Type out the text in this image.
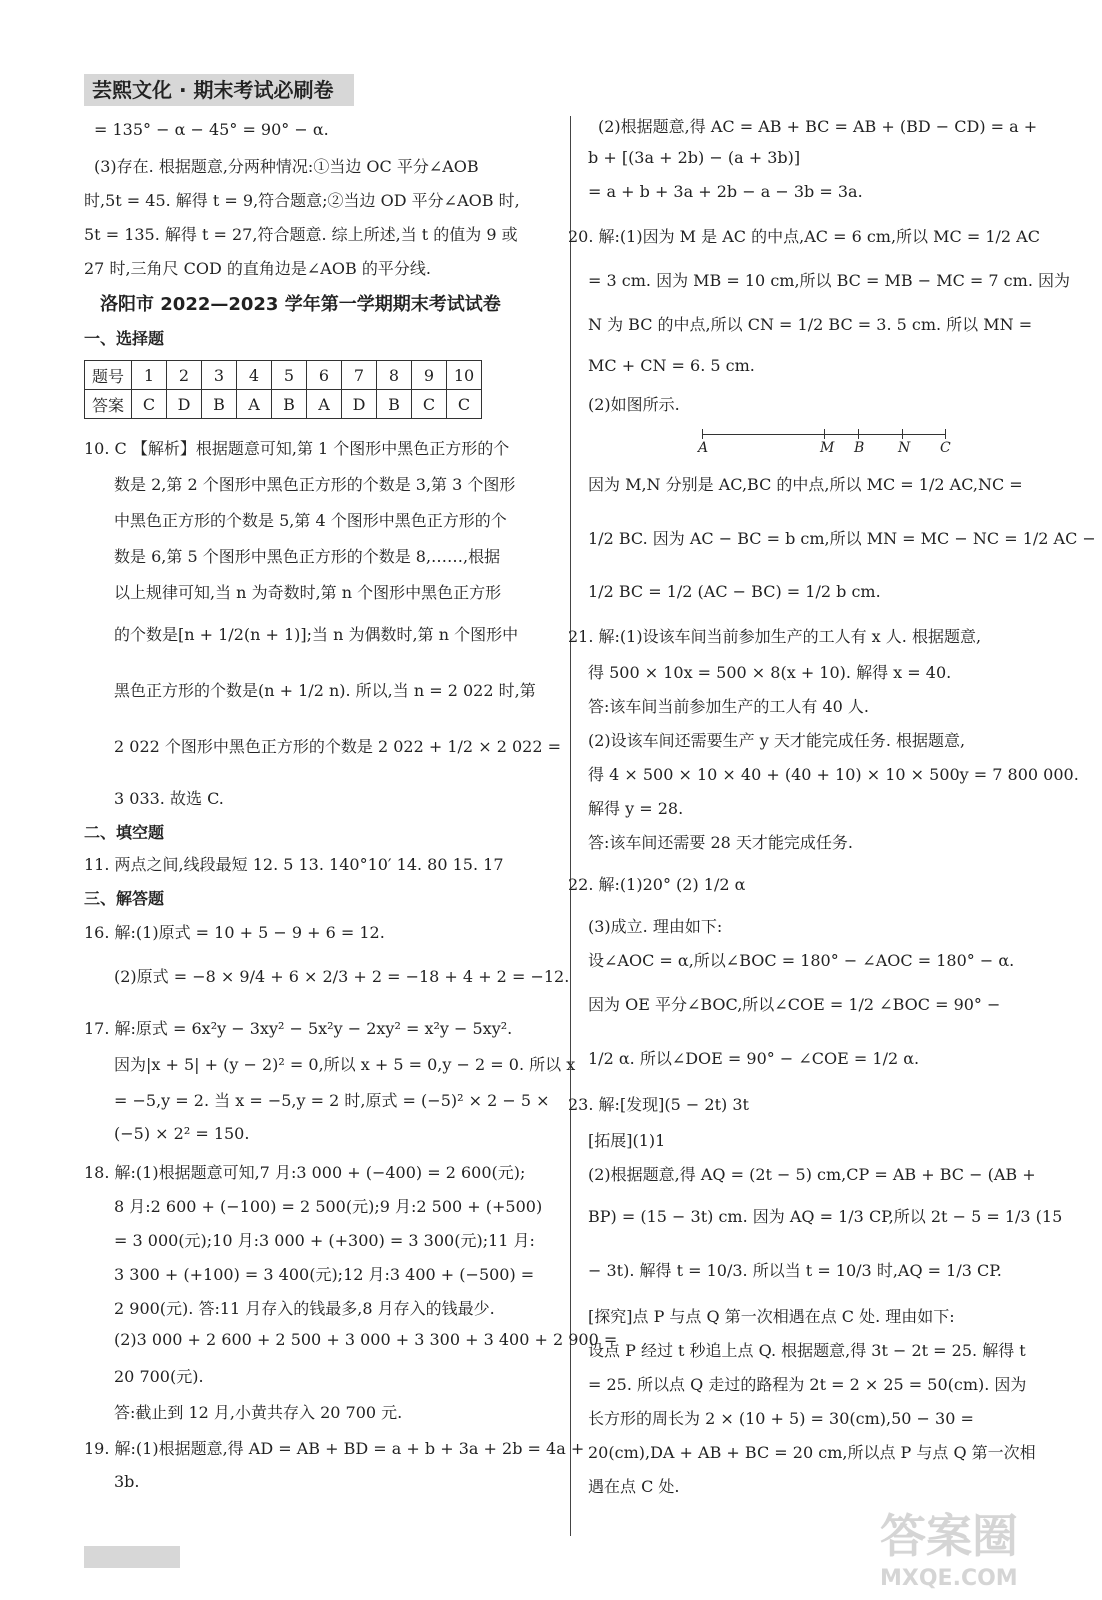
芸熙文化 · 期末考试必刷卷
= 135° − α − 45° = 90° − α.
(3)存在. 根据题意,分两种情况:①当边 OC 平分∠AOB
时,5t = 45. 解得 t = 9,符合题意;②当边 OD 平分∠AOB 时,
5t = 135. 解得 t = 27,符合题意. 综上所述,当 t 的值为 9 或
27 时,三角尺 COD 的直角边是∠AOB 的平分线.
洛阳市 2022—2023 学年第一学期期末考试试卷
一、选择题
题号	1	2	3	4	5	6	7	8	9	10
答案	C	D	B	A	B	A	D	B	C	C
10. C 【解析】根据题意可知,第 1 个图形中黑色正方形的个
数是 2,第 2 个图形中黑色正方形的个数是 3,第 3 个图形
中黑色正方形的个数是 5,第 4 个图形中黑色正方形的个
数是 6,第 5 个图形中黑色正方形的个数是 8,……,根据
以上规律可知,当 n 为奇数时,第 n 个图形中黑色正方形
的个数是[n + 1/2(n + 1)];当 n 为偶数时,第 n 个图形中
黑色正方形的个数是(n + 1/2 n). 所以,当 n = 2 022 时,第
2 022 个图形中黑色正方形的个数是 2 022 + 1/2 × 2 022 =
3 033. 故选 C.
二、填空题
11. 两点之间,线段最短 12. 5 13. 140°10′ 14. 80 15. 17
三、解答题
16. 解:(1)原式 = 10 + 5 − 9 + 6 = 12.
(2)原式 = −8 × 9/4 + 6 × 2/3 + 2 = −18 + 4 + 2 = −12.
17. 解:原式 = 6x²y − 3xy² − 5x²y − 2xy² = x²y − 5xy².
因为|x + 5| + (y − 2)² = 0,所以 x + 5 = 0,y − 2 = 0. 所以 x
= −5,y = 2. 当 x = −5,y = 2 时,原式 = (−5)² × 2 − 5 ×
(−5) × 2² = 150.
18. 解:(1)根据题意可知,7 月:3 000 + (−400) = 2 600(元);
8 月:2 600 + (−100) = 2 500(元);9 月:2 500 + (+500)
= 3 000(元);10 月:3 000 + (+300) = 3 300(元);11 月:
3 300 + (+100) = 3 400(元);12 月:3 400 + (−500) =
2 900(元). 答:11 月存入的钱最多,8 月存入的钱最少.
(2)3 000 + 2 600 + 2 500 + 3 000 + 3 300 + 3 400 + 2 900 =
20 700(元).
答:截止到 12 月,小黄共存入 20 700 元.
19. 解:(1)根据题意,得 AD = AB + BD = a + b + 3a + 2b = 4a +
3b.
(2)根据题意,得 AC = AB + BC = AB + (BD − CD) = a +
b + [(3a + 2b) − (a + 3b)]
= a + b + 3a + 2b − a − 3b = 3a.
20. 解:(1)因为 M 是 AC 的中点,AC = 6 cm,所以 MC = 1/2 AC
= 3 cm. 因为 MB = 10 cm,所以 BC = MB − MC = 7 cm. 因为
N 为 BC 的中点,所以 CN = 1/2 BC = 3. 5 cm. 所以 MN =
MC + CN = 6. 5 cm.
(2)如图所示.
A	M B N C
因为 M,N 分别是 AC,BC 的中点,所以 MC = 1/2 AC,NC =
1/2 BC. 因为 AC − BC = b cm,所以 MN = MC − NC = 1/2 AC −
1/2 BC = 1/2 (AC − BC) = 1/2 b cm.
21. 解:(1)设该车间当前参加生产的工人有 x 人. 根据题意,
得 500 × 10x = 500 × 8(x + 10). 解得 x = 40.
答:该车间当前参加生产的工人有 40 人.
(2)设该车间还需要生产 y 天才能完成任务. 根据题意,
得 4 × 500 × 10 × 40 + (40 + 10) × 10 × 500y = 7 800 000.
解得 y = 28.
答:该车间还需要 28 天才能完成任务.
22. 解:(1)20° (2) 1/2 α
(3)成立. 理由如下:
设∠AOC = α,所以∠BOC = 180° − ∠AOC = 180° − α.
因为 OE 平分∠BOC,所以∠COE = 1/2 ∠BOC = 90° −
1/2 α. 所以∠DOE = 90° − ∠COE = 1/2 α.
23. 解:[发现](5 − 2t) 3t
[拓展](1)1
(2)根据题意,得 AQ = (2t − 5) cm,CP = AB + BC − (AB +
BP) = (15 − 3t) cm. 因为 AQ = 1/3 CP,所以 2t − 5 = 1/3 (15
− 3t). 解得 t = 10/3. 所以当 t = 10/3 时,AQ = 1/3 CP.
[探究]点 P 与点 Q 第一次相遇在点 C 处. 理由如下:
设点 P 经过 t 秒追上点 Q. 根据题意,得 3t − 2t = 25. 解得 t
= 25. 所以点 Q 走过的路程为 2t = 2 × 25 = 50(cm). 因为
长方形的周长为 2 × (10 + 5) = 30(cm),50 − 30 =
20(cm),DA + AB + BC = 20 cm,所以点 P 与点 Q 第一次相
遇在点 C 处.
答案圈
MXQE.COM
